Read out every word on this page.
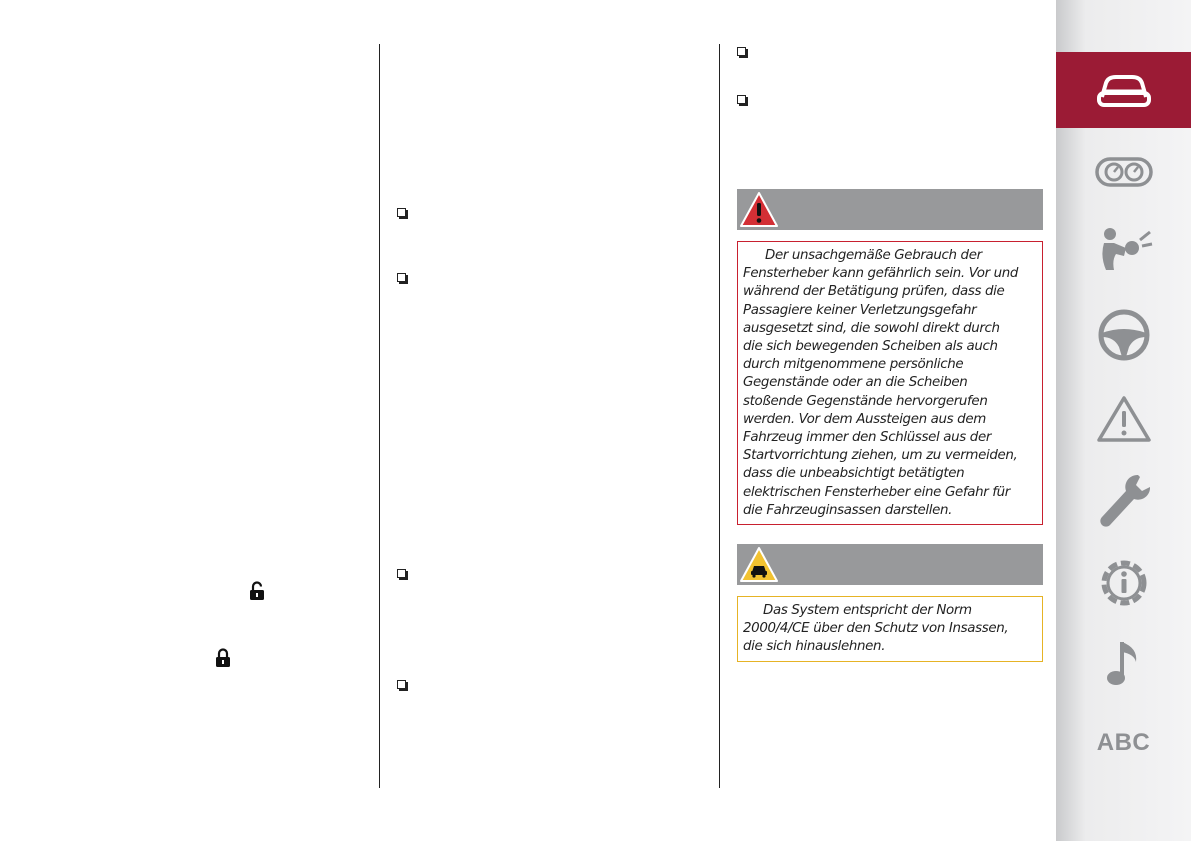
Der unsachgemäße Gebrauch der
Fensterheber kann gefährlich sein. Vor und
während der Betätigung prüfen, dass die
Passagiere keiner Verletzungsgefahr
ausgesetzt sind, die sowohl direkt durch
die sich bewegenden Scheiben als auch
durch mitgenommene persönliche
Gegenstände oder an die Scheiben
stoßende Gegenstände hervorgerufen
werden. Vor dem Aussteigen aus dem
Fahrzeug immer den Schlüssel aus der
Startvorrichtung ziehen, um zu vermeiden,
dass die unbeabsichtigt betätigten
elektrischen Fensterheber eine Gefahr für
die Fahrzeuginsassen darstellen.
Das System entspricht der Norm
2000/4/CE über den Schutz von Insassen,
die sich hinauslehnen.
ABC
